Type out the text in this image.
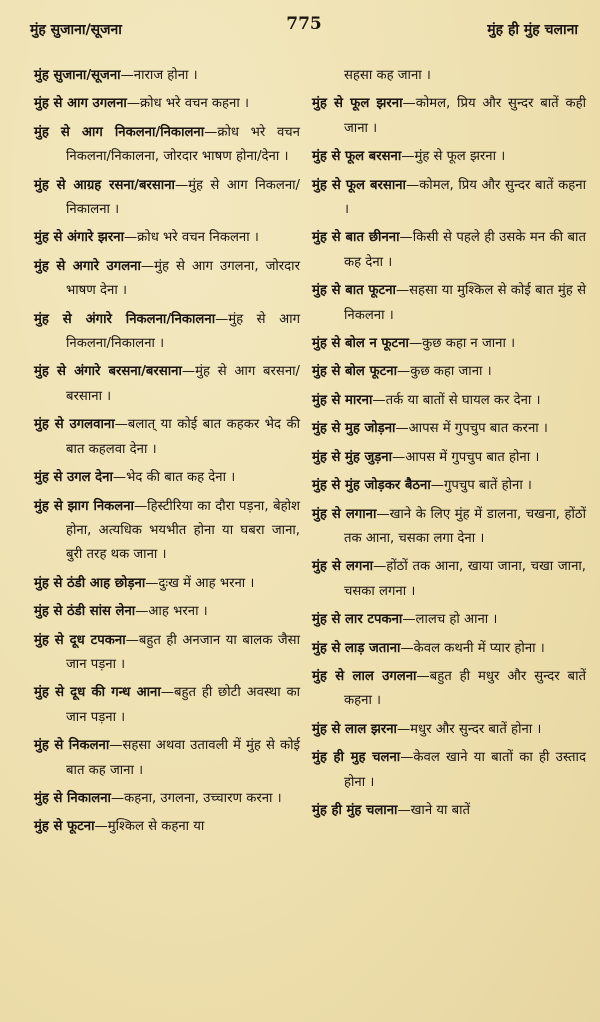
मुंह सुजाना/सूजना	775	मुंह ही मुंह चलाना
मुंह सुजाना/सूजना—नाराज होना ।
मुंह से आग उगलना—क्रोध भरे वचन कहना ।
मुंह से आग निकलना/निकालना—क्रोध भरे वचन निकलना/निकालना, जोरदार भाषण होना/देना ।
मुंह से आग्रह रसना/बरसाना—मुंह से आग निकलना/निकालना ।
मुंह से अंगारे झरना—क्रोध भरे वचन निकलना ।
मुंह से अगारे उगलना—मुंह से आग उगलना, जोरदार भाषण देना ।
मुंह से अंगारे निकलना/निकालना—मुंह से आग निकलना/निकालना ।
मुंह से अंगारे बरसना/बरसाना—मुंह से आग बरसना/बरसाना ।
मुंह से उगलवाना—बलात् या कोई बात कहकर भेद की बात कहलवा देना ।
मुंह से उगल देना—भेद की बात कह देना ।
मुंह से झाग निकलना—हिस्टीरिया का दौरा पड़ना, बेहोश होना, अत्यधिक भयभीत होना या घबरा जाना, बुरी तरह थक जाना ।
मुंह से ठंडी आह छोड़ना—दुःख में आह भरना ।
मुंह से ठंडी सांस लेना—आह भरना ।
मुंह से दूध टपकना—बहुत ही अनजान या बालक जैसा जान पड़ना ।
मुंह से दूध की गन्ध आना—बहुत ही छोटी अवस्था का जान पड़ना ।
मुंह से निकलना—सहसा अथवा उतावली में मुंह से कोई बात कह जाना ।
मुंह से निकालना—कहना, उगलना, उच्चारण करना ।
मुंह से फूटना—मुश्किल से कहना या
सहसा कह जाना ।
मुंह से फूल झरना—कोमल, प्रिय और सुन्दर बातें कही जाना ।
मुंह से फूल बरसना—मुंह से फूल झरना ।
मुंह से फूल बरसाना—कोमल, प्रिय और सुन्दर बातें कहना ।
मुंह से बात छीनना—किसी से पहले ही उसके मन की बात कह देना ।
मुंह से बात फूटना—सहसा या मुश्किल से कोई बात मुंह से निकलना ।
मुंह से बोल न फूटना—कुछ कहा न जाना ।
मुंह से बोल फूटना—कुछ कहा जाना ।
मुंह से मारना—तर्क या बातों से घायल कर देना ।
मुंह से मुह जोड़ना—आपस में गुपचुप बात करना ।
मुंह से मुंह जुड़ना—आपस में गुपचुप बात होना ।
मुंह से मुंह जोड़कर बैठना—गुपचुप बातें होना ।
मुंह से लगाना—खाने के लिए मुंह में डालना, चखना, होंठों तक आना, चसका लगा देना ।
मुंह से लगना—होंठों तक आना, खाया जाना, चखा जाना, चसका लगना ।
मुंह से लार टपकना—लालच हो आना ।
मुंह से लाड़ जताना—केवल कथनी में प्यार होना ।
मुंह से लाल उगलना—बहुत ही मधुर और सुन्दर बातें कहना ।
मुंह से लाल झरना—मधुर और सुन्दर बातें होना ।
मुंह ही मुह चलना—केवल खाने या बातों का ही उस्ताद होना ।
मुंह ही मुंह चलाना—खाने या बातें
